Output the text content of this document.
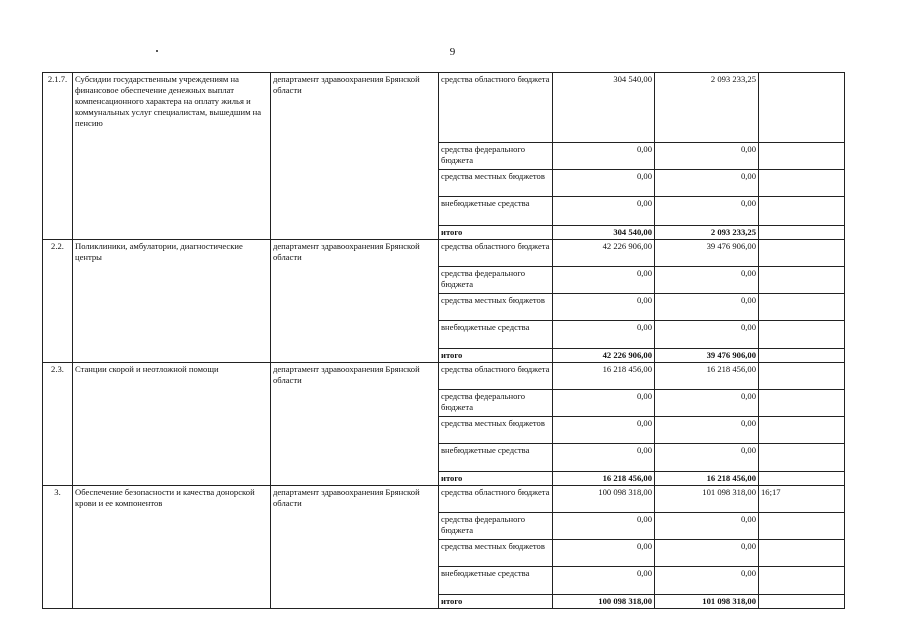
9
2.1.7.	Субсидии государственным учреждениям на финансовое обеспечение денежных выплат компенсационного характера на оплату жилья и коммунальных услуг специалистам, вышедшим на пенсию	департамент здравоохранения Брянской области	средства областного бюджета	304 540,00	2 093 233,25	
			средства федерального бюджета	0,00	0,00	
			средства местных бюджетов	0,00	0,00	
			внебюджетные средства	0,00	0,00	
			итого	304 540,00	2 093 233,25	
2.2.	Поликлиники, амбулатории, диагностические центры	департамент здравоохранения Брянской области	средства областного бюджета	42 226 906,00	39 476 906,00	
			средства федерального бюджета	0,00	0,00	
			средства местных бюджетов	0,00	0,00	
			внебюджетные средства	0,00	0,00	
			итого	42 226 906,00	39 476 906,00	
2.3.	Станции скорой и неотложной помощи	департамент здравоохранения Брянской области	средства областного бюджета	16 218 456,00	16 218 456,00	
			средства федерального бюджета	0,00	0,00	
			средства местных бюджетов	0,00	0,00	
			внебюджетные средства	0,00	0,00	
			итого	16 218 456,00	16 218 456,00	
3.	Обеспечение безопасности и качества донорской крови и ее компонентов	департамент здравоохранения Брянской области	средства областного бюджета	100 098 318,00	101 098 318,00	16;17
			средства федерального бюджета	0,00	0,00	
			средства местных бюджетов	0,00	0,00	
			внебюджетные средства	0,00	0,00	
			итого	100 098 318,00	101 098 318,00	
